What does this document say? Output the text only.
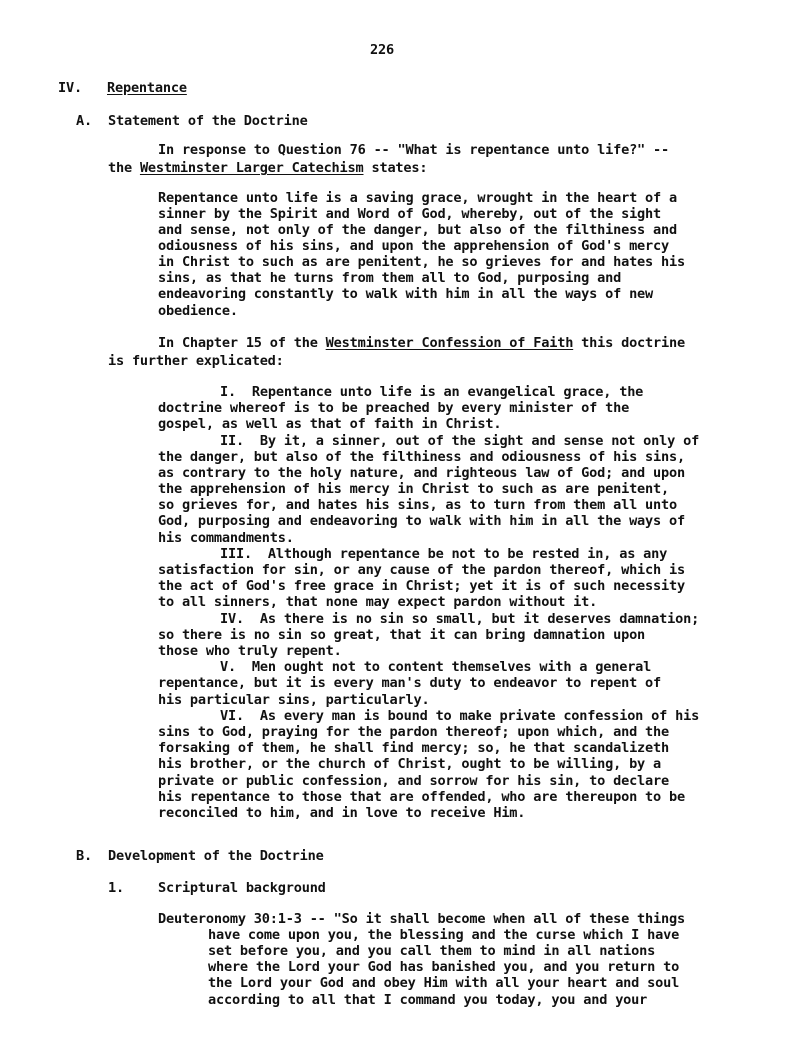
226
IV. Repentance
A. Statement of the Doctrine
In response to Question 76 -- "What is repentance unto life?" --
the Westminster Larger Catechism states:
Repentance unto life is a saving grace, wrought in the heart of a
sinner by the Spirit and Word of God, whereby, out of the sight
and sense, not only of the danger, but also of the filthiness and
odiousness of his sins, and upon the apprehension of God's mercy
in Christ to such as are penitent, he so grieves for and hates his
sins, as that he turns from them all to God, purposing and
endeavoring constantly to walk with him in all the ways of new
obedience.
In Chapter 15 of the Westminster Confession of Faith this doctrine
is further explicated:
I.  Repentance unto life is an evangelical grace, the
doctrine whereof is to be preached by every minister of the
gospel, as well as that of faith in Christ.
II.  By it, a sinner, out of the sight and sense not only of
the danger, but also of the filthiness and odiousness of his sins,
as contrary to the holy nature, and righteous law of God; and upon
the apprehension of his mercy in Christ to such as are penitent,
so grieves for, and hates his sins, as to turn from them all unto
God, purposing and endeavoring to walk with him in all the ways of
his commandments.
III.  Although repentance be not to be rested in, as any
satisfaction for sin, or any cause of the pardon thereof, which is
the act of God's free grace in Christ; yet it is of such necessity
to all sinners, that none may expect pardon without it.
IV.  As there is no sin so small, but it deserves damnation;
so there is no sin so great, that it can bring damnation upon
those who truly repent.
V.  Men ought not to content themselves with a general
repentance, but it is every man's duty to endeavor to repent of
his particular sins, particularly.
VI.  As every man is bound to make private confession of his
sins to God, praying for the pardon thereof; upon which, and the
forsaking of them, he shall find mercy; so, he that scandalizeth
his brother, or the church of Christ, ought to be willing, by a
private or public confession, and sorrow for his sin, to declare
his repentance to those that are offended, who are thereupon to be
reconciled to him, and in love to receive Him.
B. Development of the Doctrine
1.	Scriptural background
Deuteronomy 30:1-3 -- "So it shall become when all of these things
have come upon you, the blessing and the curse which I have
set before you, and you call them to mind in all nations
where the Lord your God has banished you, and you return to
the Lord your God and obey Him with all your heart and soul
according to all that I command you today, you and your
